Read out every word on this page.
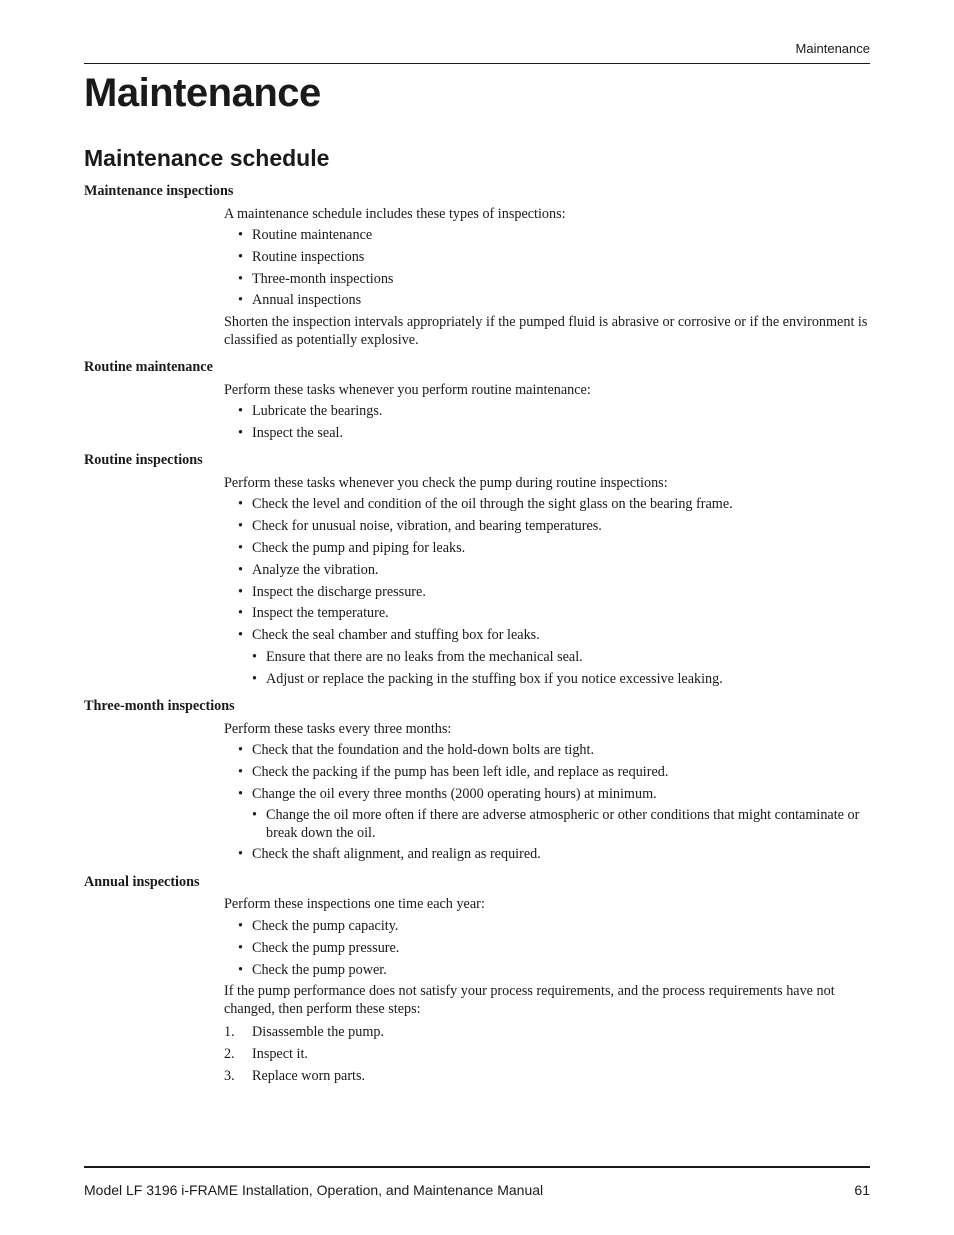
Maintenance
Maintenance
Maintenance schedule
Maintenance inspections

A maintenance schedule includes these types of inspections:

• Routine maintenance
• Routine inspections
• Three-month inspections
• Annual inspections

Shorten the inspection intervals appropriately if the pumped fluid is abrasive or corrosive or if the environment is classified as potentially explosive.

Routine maintenance

Perform these tasks whenever you perform routine maintenance:

• Lubricate the bearings.
• Inspect the seal.
Routine inspections

Perform these tasks whenever you check the pump during routine inspections:

• Check the level and condition of the oil through the sight glass on the bearing frame.
• Check for unusual noise, vibration, and bearing temperatures.
• Check the pump and piping for leaks.
• Analyze the vibration.
• Inspect the discharge pressure.
• Inspect the temperature.
• Check the seal chamber and stuffing box for leaks.
• Ensure that there are no leaks from the mechanical seal.
• Adjust or replace the packing in the stuffing box if you notice excessive leaking.
Three-month inspections

Perform these tasks every three months:

• Check that the foundation and the hold-down bolts are tight.
• Check the packing if the pump has been left idle, and replace as required.
• Change the oil every three months (2000 operating hours) at minimum.
• Change the oil more often if there are adverse atmospheric or other conditions that might contaminate or break down the oil.
• Check the shaft alignment, and realign as required.
Annual inspections

Perform these inspections one time each year:

• Check the pump capacity.
• Check the pump pressure.
• Check the pump power.

If the pump performance does not satisfy your process requirements, and the process requirements have not changed, then perform these steps:

1. Disassemble the pump.
2. Inspect it.
3. Replace worn parts.
Model LF 3196 i-FRAME Installation, Operation, and Maintenance Manual	61
